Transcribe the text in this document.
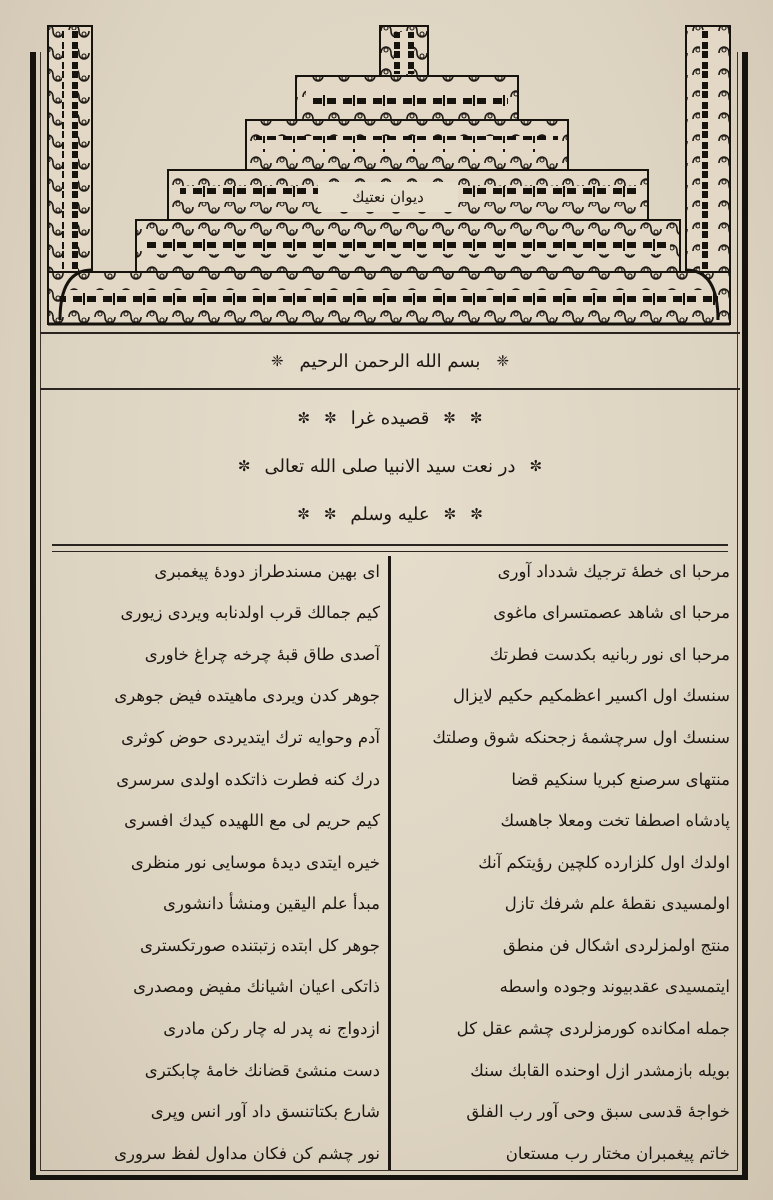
دیوان نعتیك
❈ بسم الله الرحمن الرحیم ❈
✼ ✼ قصیده غرا ✼ ✼
✼ در نعت سید الانبیا صلی الله تعالی ✼
✼ ✼ علیه وسلم ✼ ✼
مرحبا ای خطهٔ ترجیك شدداد آوری
مرحبا ای شاهد عصمتسرای ماغوی
مرحبا ای نور ربانیه بكدست فطرتك
سنسك اول اكسیر اعظمكیم حكیم لایزال
سنسك اول سرچشمهٔ زجحنكه شوق وصلتك
منتهای سرصنع كبریا سنكیم قضا
پادشاه اصطفا تخت ومعلا جاهسك
اولدك اول كلزارده كلچین رؤیتكم آنك
اولمسیدی نقطهٔ علم شرفك تازل
منتج اولمزلردی اشكال فن منطق
ایتمسیدی عقدبیوند وجوده واسطه
جمله امكانده كورمزلردی چشم عقل كل
بویله بازمشدر ازل اوحنده القابك سنك
خواجهٔ قدسی سبق وحی آور رب الفلق
خاتم پیغمبران مختار رب مستعان
ای بهین مسندطراز دودهٔ پیغمبری
كیم جمالك قرب اولدنابه ویردی زیوری
آصدی طاق قبهٔ چرخه چراغ خاوری
جوهر كدن ویردی ماهیتده فیض جوهری
آدم وحوایه ترك ایتدیردی حوض كوثری
درك كنه فطرت ذاتكده اولدی سرسری
كیم حریم لی مع اللهیده كیدك افسری
خیره ایتدی دیدهٔ موسایی نور منظری
مبدأ علم الیقین ومنشأ دانشوری
جوهر كل ابتده زتبتنده صورتكستری
ذاتكی اعیان اشیانك مفیض ومصدری
ازدواج نه پدر له چار ركن مادری
دست منشئ قضانك خامهٔ چابكتری
شارع بكتاتنسق داد آور انس وپری
نور چشم كن فكان مداول لفظ سروری
